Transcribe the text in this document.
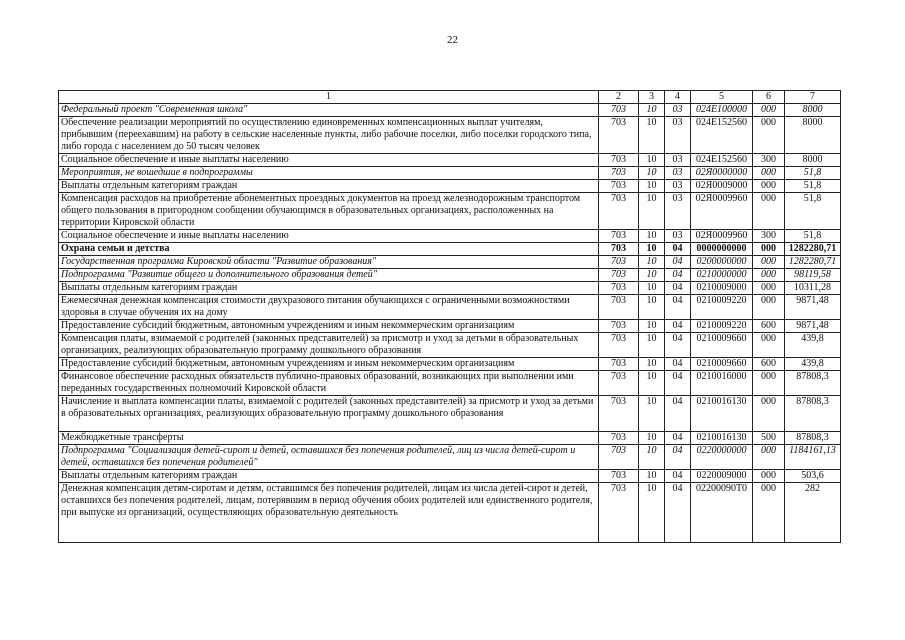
22
1	2	3	4	5	6	7
Федеральный проект "Современная школа"	703	10	03	024E100000	000	8000
Обеспечение реализации мероприятий по осуществлению единовременных компенсационных выплат учителям, прибывшим (переехавшим) на работу в сельские населенные пункты, либо рабочие поселки, либо поселки городского типа, либо города с населением до 50 тысяч человек	703	10	03	024E152560	000	8000
Социальное обеспечение и иные выплаты населению	703	10	03	024E152560	300	8000
Мероприятия, не вошедшие в подпрограммы	703	10	03	02Я0000000	000	51,8
Выплаты отдельным категориям граждан	703	10	03	02Я0009000	000	51,8
Компенсация расходов на приобретение абонементных проездных документов на проезд железнодорожным транспортом общего пользования в пригородном сообщении обучающимся в образовательных организациях, расположенных на территории Кировской области	703	10	03	02Я0009960	000	51,8
Социальное обеспечение и иные выплаты населению	703	10	03	02Я0009960	300	51,8
Охрана семьи и детства	703	10	04	0000000000	000	1282280,71
Государственная программа Кировской области "Развитие образования"	703	10	04	0200000000	000	1282280,71
Подпрограмма "Развитие общего и дополнительного образования детей"	703	10	04	0210000000	000	98119,58
Выплаты отдельным категориям граждан	703	10	04	0210009000	000	10311,28
Ежемесячная денежная компенсация стоимости двухразового питания обучающихся с ограниченными возможностями здоровья в случае обучения их на дому	703	10	04	0210009220	000	9871,48
Предоставление субсидий бюджетным, автономным учреждениям и иным некоммерческим организациям	703	10	04	0210009220	600	9871,48
Компенсация платы, взимаемой с родителей (законных представителей) за присмотр и уход за детьми в образовательных организациях, реализующих образовательную программу дошкольного образования	703	10	04	0210009660	000	439,8
Предоставление субсидий бюджетным, автономным учреждениям и иным некоммерческим организациям	703	10	04	0210009660	600	439,8
Финансовое обеспечение расходных обязательств публично-правовых образований, возникающих при выполнении ими переданных государственных полномочий Кировской области	703	10	04	0210016000	000	87808,3
Начисление и выплата компенсации платы, взимаемой с родителей (законных представителей) за присмотр и уход за детьми в образовательных организациях, реализующих образовательную программу дошкольного образования	703	10	04	0210016130	000	87808,3
Межбюджетные трансферты	703	10	04	0210016130	500	87808,3
Подпрограмма "Социализация детей-сирот и детей, оставшихся без попечения родителей, лиц из числа детей-сирот и детей, оставшихся без попечения родителей"	703	10	04	0220000000	000	1184161,13
Выплаты отдельным категориям граждан	703	10	04	0220009000	000	503,6
Денежная компенсация детям-сиротам и детям, оставшимся без попечения родителей, лицам из числа детей-сирот и детей, оставшихся без попечения родителей, лицам, потерявшим в период обучения обоих родителей или единственного родителя, при выпуске из организаций, осуществляющих образовательную деятельность	703	10	04	02200090Т0	000	282
